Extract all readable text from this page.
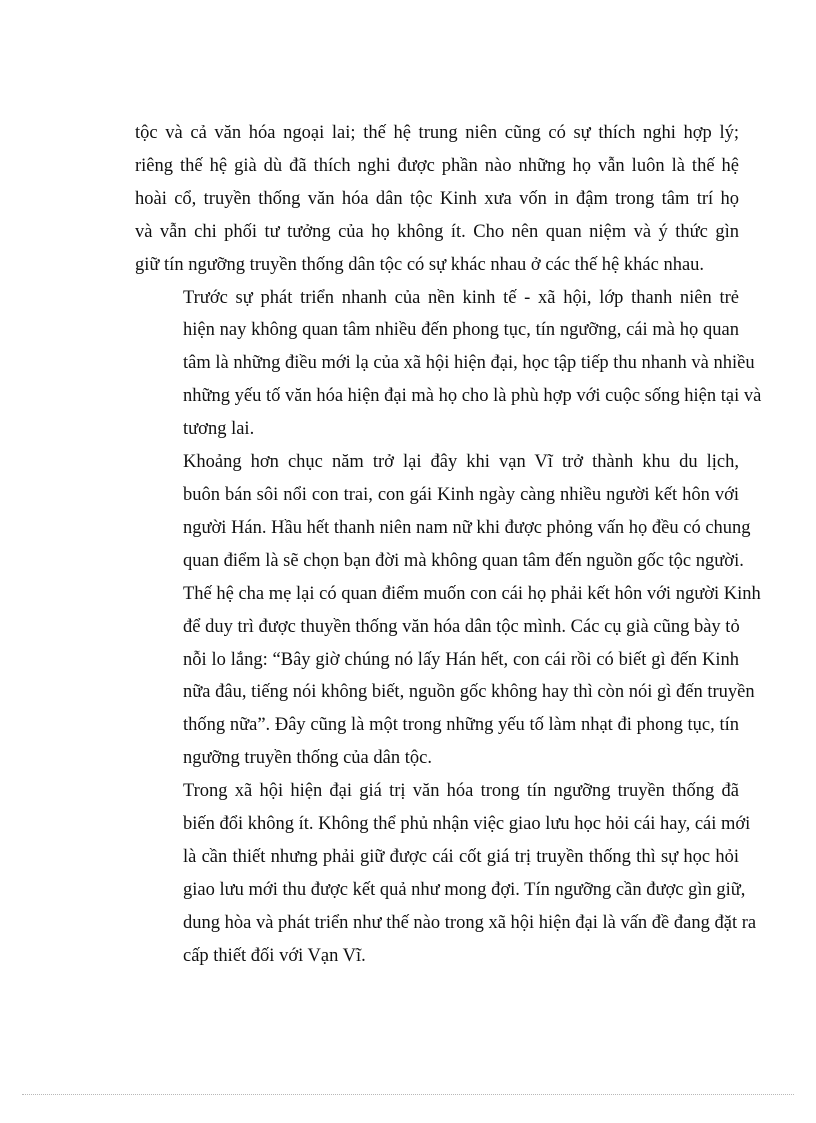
tộc và cả văn hóa ngoại lai; thế hệ trung niên cũng có sự thích nghi hợp lý;
riêng thế hệ già dù đã thích nghi được phần nào những họ vẫn luôn là thế hệ
hoài cổ, truyền thống văn hóa dân tộc Kinh xưa vốn in đậm trong tâm trí họ
và vẫn chi phối tư tưởng của họ không ít. Cho nên quan niệm và ý thức gìn
giữ tín ngưỡng truyền thống dân tộc có sự khác nhau ở các thế hệ khác nhau.

Trước sự phát triển nhanh của nền kinh tế - xã hội, lớp thanh niên trẻ
hiện nay không quan tâm nhiều đến phong tục, tín ngưỡng, cái mà họ quan
tâm là những điều mới lạ của xã hội hiện đại, học tập tiếp thu nhanh và nhiều
những yếu tố văn hóa hiện đại mà họ cho là phù hợp với cuộc sống hiện tại và
tương lai.

Khoảng hơn chục năm trở lại đây khi vạn Vĩ trở thành khu du lịch,
buôn bán sôi nổi con trai, con gái Kinh ngày càng nhiều người kết hôn với
người Hán. Hầu hết thanh niên nam nữ khi được phỏng vấn họ đều có chung
quan điểm là sẽ chọn bạn đời mà không quan tâm đến nguồn gốc tộc người.
Thế hệ cha mẹ lại có quan điểm muốn con cái họ phải kết hôn với người Kinh
để duy trì được thuyền thống văn hóa dân tộc mình. Các cụ già cũng bày tỏ
nỗi lo lắng: “Bây giờ chúng nó lấy Hán hết, con cái rồi có biết gì đến Kinh
nữa đâu, tiếng nói không biết, nguồn gốc không hay thì còn nói gì đến truyền
thống nữa”. Đây cũng là một trong những yếu tố làm nhạt đi phong tục, tín
ngưỡng truyền thống của dân tộc.

Trong xã hội hiện đại giá trị văn hóa trong tín ngưỡng truyền thống đã
biến đổi không ít. Không thể phủ nhận việc giao lưu học hỏi cái hay, cái mới
là cần thiết nhưng phải giữ được cái cốt giá trị truyền thống thì sự học hỏi
giao lưu mới thu được kết quả như mong đợi. Tín ngưỡng cần được gìn giữ,
dung hòa và phát triển như thế nào trong xã hội hiện đại là vấn đề đang đặt ra
cấp thiết đối với Vạn Vĩ.
